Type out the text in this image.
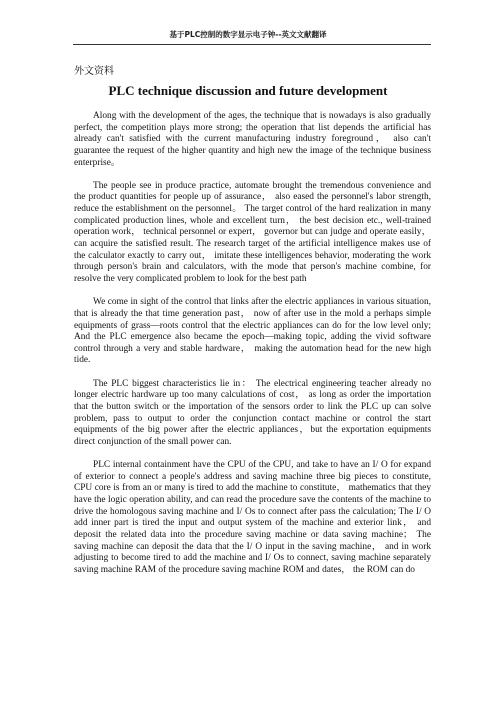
基于PLC控制的数字显示电子钟--英文文献翻译
外文资料
PLC technique discussion and future development

Along with the development of the ages, the technique that is nowadays is also gradually perfect, the competition plays more strong; the operation that list depends the artificial has already can't satisfied with the current manufacturing industry foreground， also can't guarantee the request of the higher quantity and high new the image of the technique business enterprise。

The people see in produce practice, automate brought the tremendous convenience and the product quantities for people up of assurance， also eased the personnel's labor strength, reduce the establishment on the personnel。 The target control of the hard realization in many complicated production lines, whole and excellent turn， the best decision etc., well-trained operation work， technical personnel or expert， governor but can judge and operate easily， can acquire the satisfied result. The research target of the artificial intelligence makes use of the calculator exactly to carry out， imitate these intelligences behavior, moderating the work through person's brain and calculators, with the mode that person's machine combine, for resolve the very complicated problem to look for the best path

We come in sight of the control that links after the electric appliances in various situation, that is already the that time generation past， now of after use in the mold a perhaps simple equipments of grass—roots control that the electric appliances can do for the low level only; And the PLC emergence also became the epoch—making topic, adding the vivid software control through a very and stable hardware， making the automation head for the new high tide.

The PLC biggest characteristics lie in： The electrical engineering teacher already no longer electric hardware up too many calculations of cost， as long as order the importation that the button switch or the importation of the sensors order to link the PLC up can solve problem, pass to output to order the conjunction contact machine or control the start equipments of the big power after the electric appliances，but the exportation equipments direct conjunction of the small power can.

PLC internal containment have the CPU of the CPU, and take to have an I/ O for expand of exterior to connect a people's address and saving machine three big pieces to constitute, CPU core is from an or many is tired to add the machine to constitute， mathematics that they have the logic operation ability, and can read the procedure save the contents of the machine to drive the homologous saving machine and I/ Os to connect after pass the calculation; The I/ O add inner part is tired the input and output system of the machine and exterior link， and deposit the related data into the procedure saving machine or data saving machine； The saving machine can deposit the data that the I/ O input in the saving machine， and in work adjusting to become tired to add the machine and I/ Os to connect, saving machine separately saving machine RAM of the procedure saving machine ROM and dates， the ROM can do
